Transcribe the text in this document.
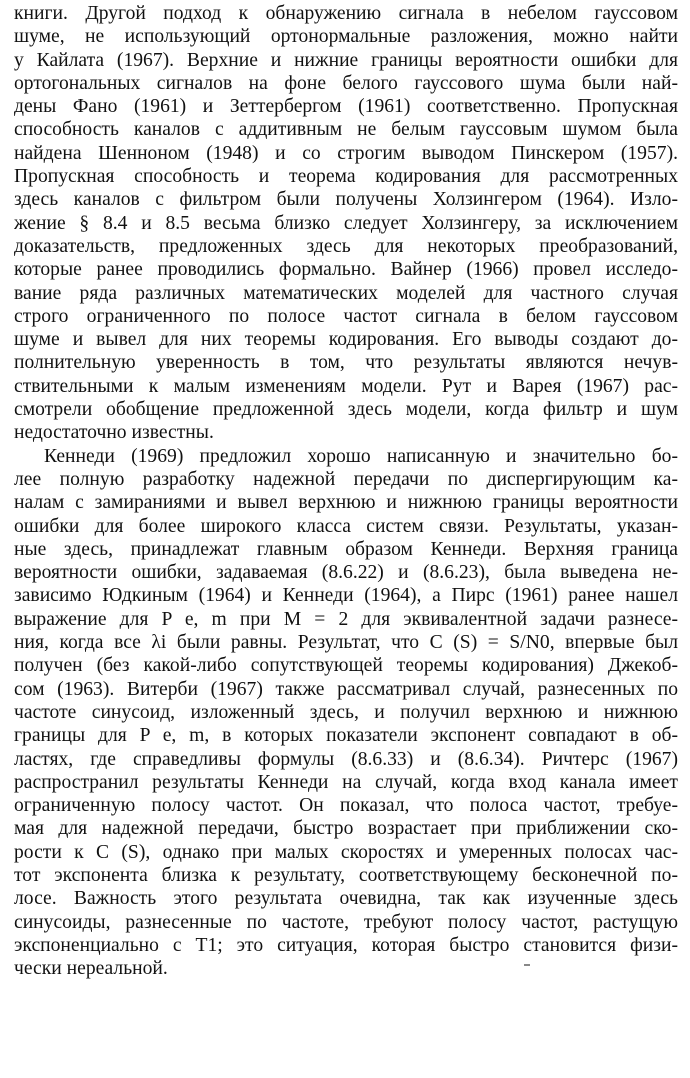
книги. Другой подход к обнаружению сигнала в небелом гауссовом
шуме, не использующий ортонормальные разложения, можно найти
у Кайлата (1967). Верхние и нижние границы вероятности ошибки для
ортогональных сигналов на фоне белого гауссового шума были най-
дены Фано (1961) и Зеттербергом (1961) соответственно. Пропускная
способность каналов с аддитивным не белым гауссовым шумом была
найдена Шенноном (1948) и со строгим выводом Пинскером (1957).
Пропускная способность и теорема кодирования для рассмотренных
здесь каналов с фильтром были получены Холзингером (1964). Изло-
жение § 8.4 и 8.5 весьма близко следует Холзингеру, за исключением
доказательств, предложенных здесь для некоторых преобразований,
которые ранее проводились формально. Вайнер (1966) провел исследо-
вание ряда различных математических моделей для частного случая
строго ограниченного по полосе частот сигнала в белом гауссовом
шуме и вывел для них теоремы кодирования. Его выводы создают до-
полнительную уверенность в том, что результаты являются нечув-
ствительными к малым изменениям модели. Рут и Варея (1967) рас-
смотрели обобщение предложенной здесь модели, когда фильтр и шум
недостаточно известны.
Кеннеди (1969) предложил хорошо написанную и значительно бо-
лее полную разработку надежной передачи по диспергирующим ка-
налам с замираниями и вывел верхнюю и нижнюю границы вероятности
ошибки для более широкого класса систем связи. Результаты, указан-
ные здесь, принадлежат главным образом Кеннеди. Верхняя граница
вероятности ошибки, задаваемая (8.6.22) и (8.6.23), была выведена не-
зависимо Юдкиным (1964) и Кеннеди (1964), а Пирс (1961) ранее нашел
выражение для P e, m при M = 2 для эквивалентной задачи разнесе-
ния, когда все λi были равны. Результат, что C (S) = S/N0, впервые был
получен (без какой-либо сопутствующей теоремы кодирования) Джекоб-
сом (1963). Витерби (1967) также рассматривал случай, разнесенных по
частоте синусоид, изложенный здесь, и получил верхнюю и нижнюю
границы для P e, m, в которых показатели экспонент совпадают в об-
ластях, где справедливы формулы (8.6.33) и (8.6.34). Ричтерс (1967)
распространил результаты Кеннеди на случай, когда вход канала имеет
ограниченную полосу частот. Он показал, что полоса частот, требуе-
мая для надежной передачи, быстро возрастает при приближении ско-
рости к C (S), однако при малых скоростях и умеренных полосах час-
тот экспонента близка к результату, соответствующему бесконечной по-
лосе. Важность этого результата очевидна, так как изученные здесь
синусоиды, разнесенные по частоте, требуют полосу частот, растущую
экспоненциально с T1; это ситуация, которая быстро становится физи-
чески нереальной.
